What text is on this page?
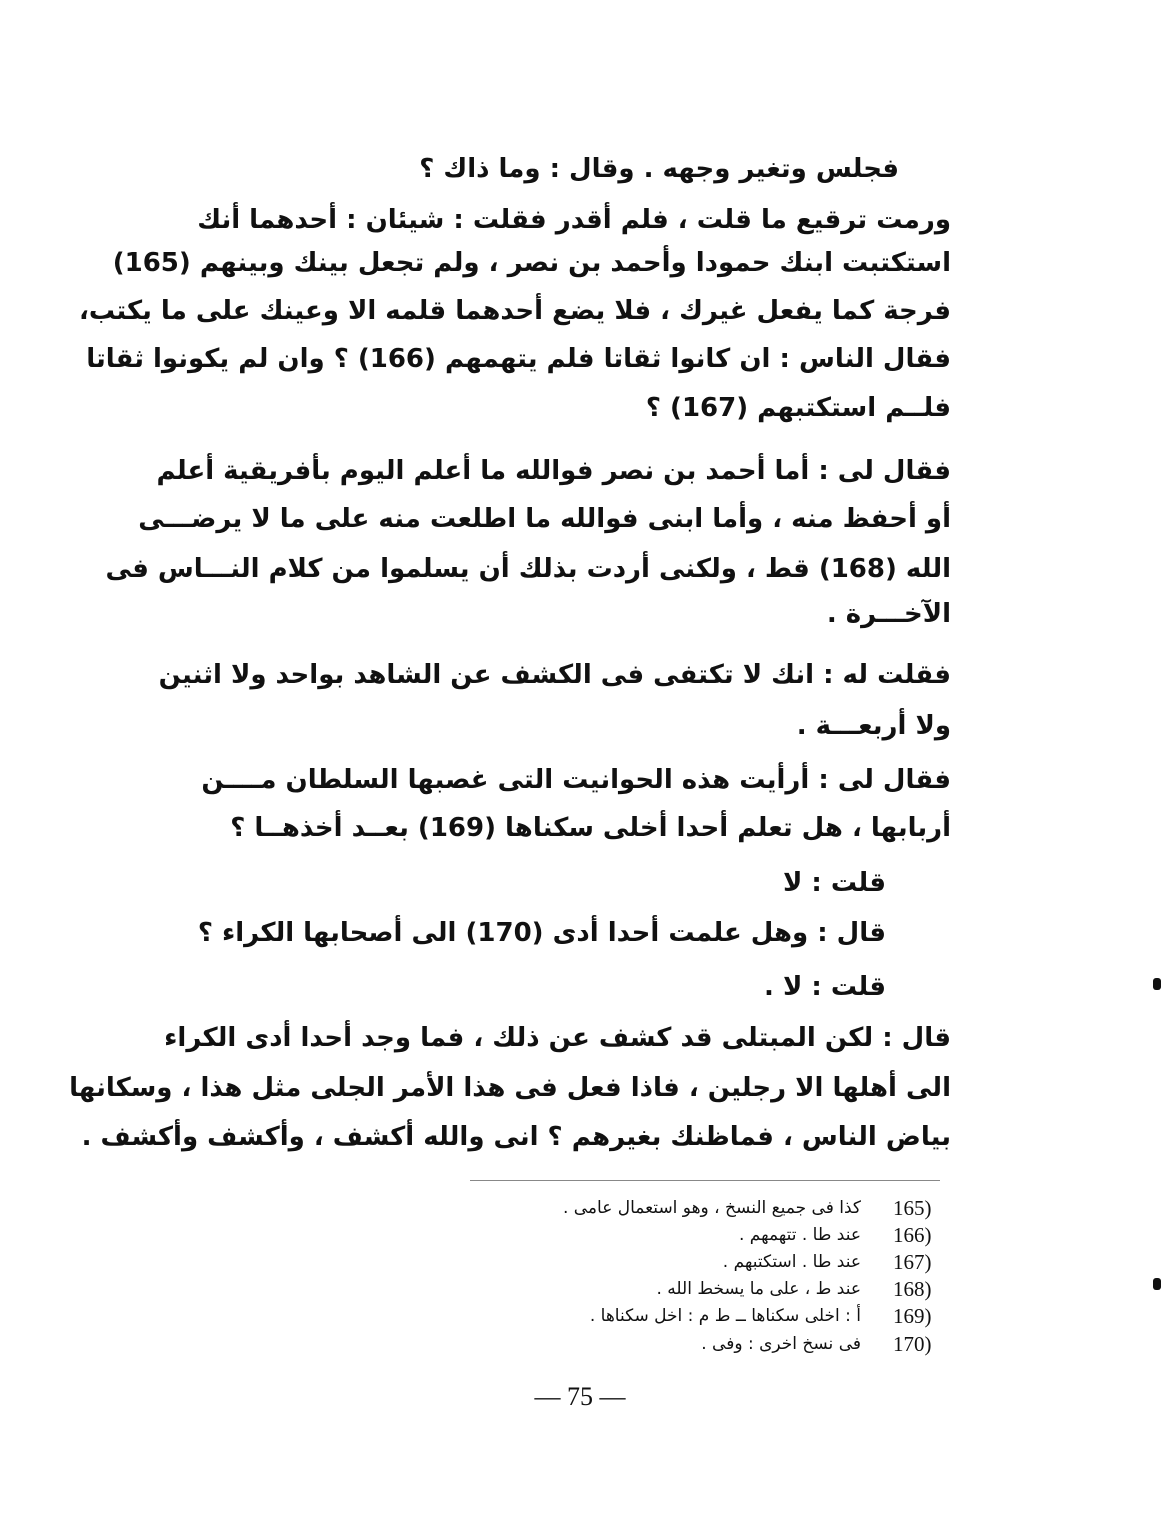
فجلس وتغير وجهه . وقال : وما ذاك ؟
ورمت ترقيع ما قلت ، فلم أقدر فقلت : شيئان : أحدهما أنك
استكتبت ابنك حمودا وأحمد بن نصر ، ولم تجعل بينك وبينهم (165)
فرجة كما يفعل غيرك ، فلا يضع أحدهما قلمه الا وعينك على ما يكتب،
فقال الناس : ان كانوا ثقاتا فلم يتهمهم (166) ؟ وان لم يكونوا ثقاتا
فلــم استكتبهم (167) ؟
فقال لى : أما أحمد بن نصر فوالله ما أعلم اليوم بأفريقية أعلم
أو أحفظ منه ، وأما ابنى فوالله ما اطلعت منه على ما لا يرضـــى
الله (168) قط ، ولكنى أردت بذلك أن يسلموا من كلام النـــاس فى
الآخـــرة .
فقلت له : انك لا تكتفى فى الكشف عن الشاهد بواحد ولا اثنين
ولا أربعـــة .
فقال لى : أرأيت هذه الحوانيت التى غصبها السلطان مــــن
أربابها ، هل تعلم أحدا أخلى سكناها (169) بعــد أخذهــا ؟
قلت : لا
قال : وهل علمت أحدا أدى (170) الى أصحابها الكراء ؟
قلت : لا .
قال : لكن المبتلى قد كشف عن ذلك ، فما وجد أحدا أدى الكراء
الى أهلها الا رجلين ، فاذا فعل فى هذا الأمر الجلى مثل هذا ، وسكانها
بياض الناس ، فماظنك بغيرهم ؟ انى والله أكشف ، وأكشف وأكشف .
165)
كذا فى جميع النسخ ، وهو استعمال عامى .
166)
عند طا . تتهمهم .
167)
عند طا . استكتبهم .
168)
عند ط ، على ما يسخط الله .
169)
أ : اخلى سكناها ــ ط م : اخل سكناها .
170)
فى نسخ اخرى : وفى .
— 75 —
